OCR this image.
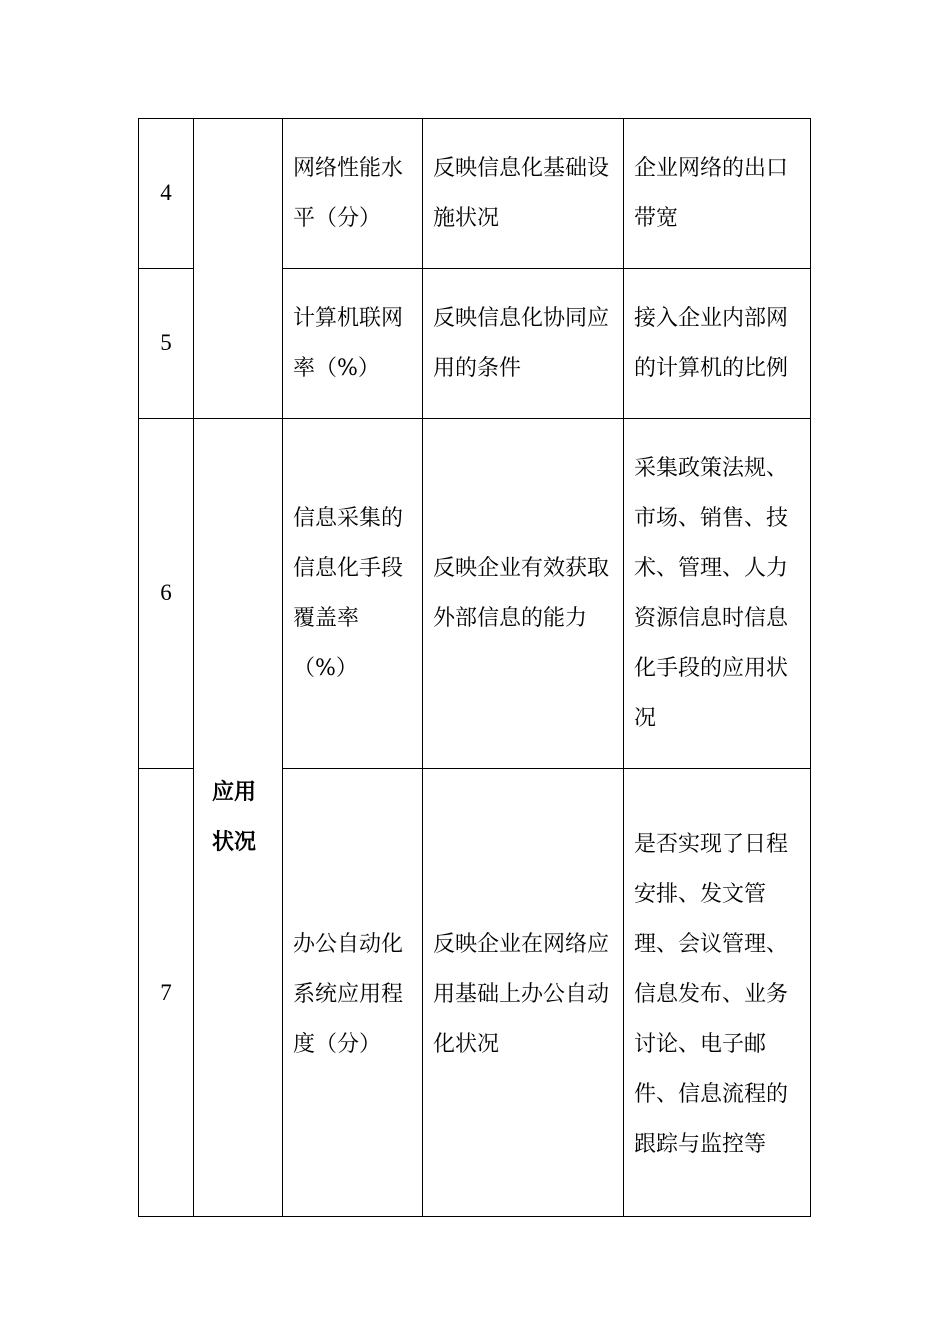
4		网络性能水平（分）	反映信息化基础设施状况	企业网络的出口带宽
5		计算机联网率（%）	反映信息化协同应用的条件	接入企业内部网的计算机的比例
6	应用状况	信息采集的信息化手段覆盖率（%）	反映企业有效获取外部信息的能力	采集政策法规、市场、销售、技术、管理、人力资源信息时信息化手段的应用状况
7		办公自动化系统应用程度（分）	反映企业在网络应用基础上办公自动化状况	是否实现了日程安排、发文管理、会议管理、信息发布、业务讨论、电子邮件、信息流程的跟踪与监控等
